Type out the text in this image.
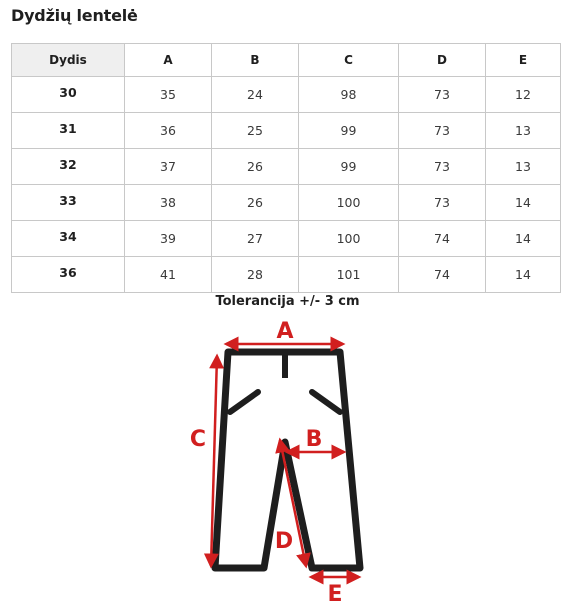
Dydžių lentelė
Dydis	A	B	C	D	E
30	35	24	98	73	12
31	36	25	99	73	13
32	37	26	99	73	13
33	38	26	100	73	14
34	39	27	100	74	14
36	41	28	101	74	14
Tolerancija +/- 3 cm
A
C	B
D
E
